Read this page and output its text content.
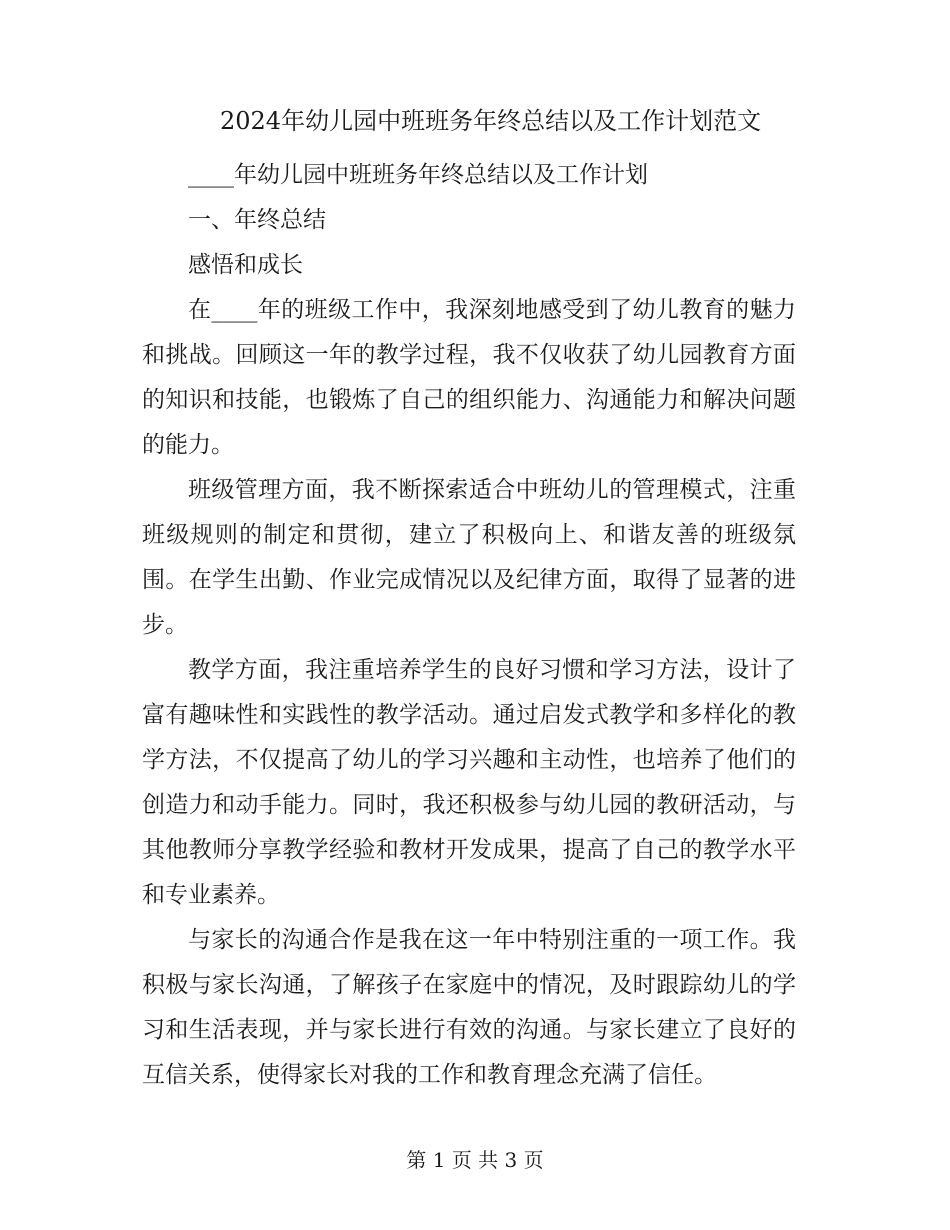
2024年幼儿园中班班务年终总结以及工作计划范文
____年幼儿园中班班务年终总结以及工作计划
一、年终总结
感悟和成长

在____年的班级工作中，我深刻地感受到了幼儿教育的魅力和挑战。回顾这一年的教学过程，我不仅收获了幼儿园教育方面的知识和技能，也锻炼了自己的组织能力、沟通能力和解决问题的能力。

班级管理方面，我不断探索适合中班幼儿的管理模式，注重班级规则的制定和贯彻，建立了积极向上、和谐友善的班级氛围。在学生出勤、作业完成情况以及纪律方面，取得了显著的进步。

教学方面，我注重培养学生的良好习惯和学习方法，设计了富有趣味性和实践性的教学活动。通过启发式教学和多样化的教学方法，不仅提高了幼儿的学习兴趣和主动性，也培养了他们的创造力和动手能力。同时，我还积极参与幼儿园的教研活动，与其他教师分享教学经验和教材开发成果，提高了自己的教学水平和专业素养。

与家长的沟通合作是我在这一年中特别注重的一项工作。我积极与家长沟通，了解孩子在家庭中的情况，及时跟踪幼儿的学习和生活表现，并与家长进行有效的沟通。与家长建立了良好的互信关系，使得家长对我的工作和教育理念充满了信任。

第 1 页 共 3 页
